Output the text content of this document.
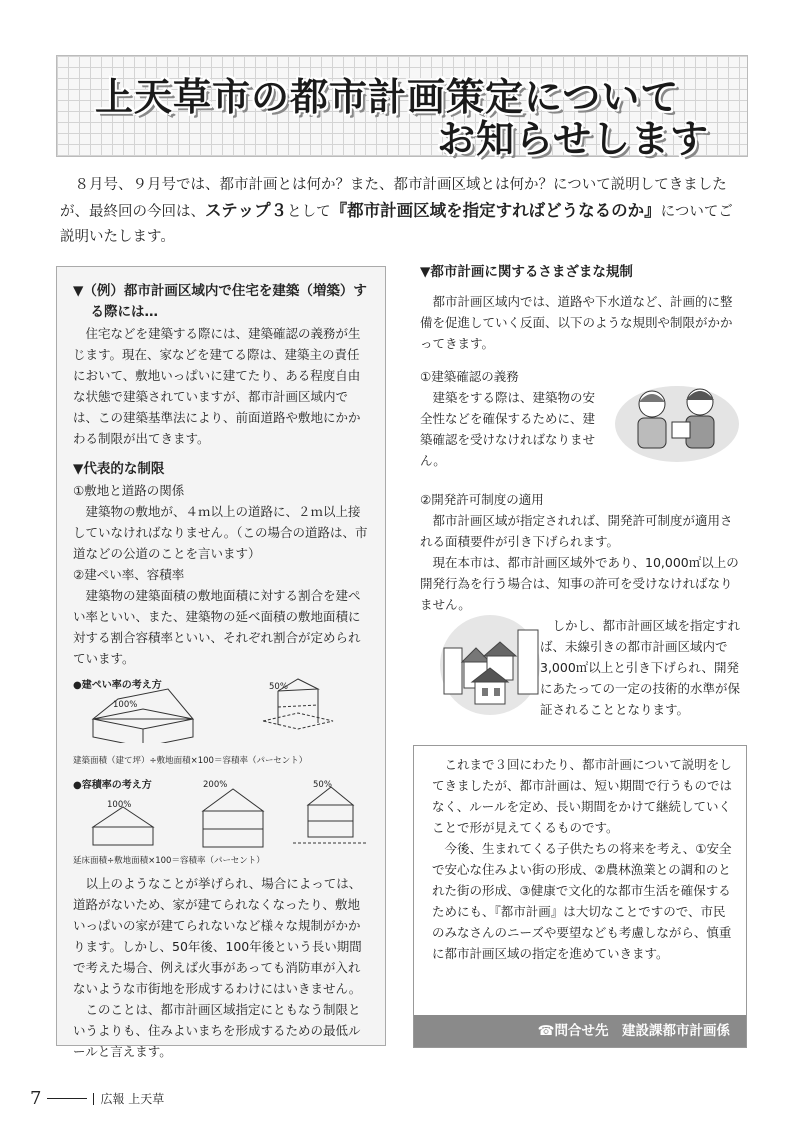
上天草市の都市計画策定について
お知らせします

８月号、９月号では、都市計画とは何か？また、都市計画区域とは何か？について説明してきましたが、最終回の今回は、ステップ３として『都市計画区域を指定すればどうなるのか』についてご説明いたします。

▼（例）都市計画区域内で住宅を建築（増築）する際には…

住宅などを建築する際には、建築確認の義務が生じます。現在、家などを建てる際は、建築主の責任において、敷地いっぱいに建てたり、ある程度自由な状態で建築されていますが、都市計画区域内では、この建築基準法により、前面道路や敷地にかかわる制限が出てきます。

▼代表的な制限

①敷地と道路の関係

建築物の敷地が、４ｍ以上の道路に、２ｍ以上接していなければなりません。（この場合の道路は、市道などの公道のことを言います）

②建ぺい率、容積率

建築物の建築面積の敷地面積に対する割合を建ぺい率といい、また、建築物の延べ面積の敷地面積に対する割合容積率といい、それぞれ割合が定められています。

●建ぺい率の考え方
100%
50%

建築面積（建て坪）÷敷地面積×100＝容積率（パーセント）

●容積率の考え方
100%
200%	50%

延床面積÷敷地面積×100＝容積率（パーセント）

以上のようなことが挙げられ、場合によっては、道路がないため、家が建てられなくなったり、敷地いっぱいの家が建てられないなど様々な規制がかかります。しかし、50年後、100年後という長い期間で考えた場合、例えば火事があっても消防車が入れないような市街地を形成するわけにはいきません。

このことは、都市計画区域指定にともなう制限というよりも、住みよいまちを形成するための最低ルールと言えます。

▼都市計画に関するさまざまな規制

都市計画区域内では、道路や下水道など、計画的に整備を促進していく反面、以下のような規則や制限がかかってきます。

①建築確認の義務

建築をする際は、建築物の安全性などを確保するために、建築確認を受けなければなりません。

②開発許可制度の適用

都市計画区域が指定されれば、開発許可制度が適用される面積要件が引き下げられます。

現在本市は、都市計画区域外であり、10,000㎡以上の開発行為を行う場合は、知事の許可を受けなければなりません。

しかし、都市計画区域を指定すれば、未線引きの都市計画区域内で3,000㎡以上と引き下げられ、開発にあたっての一定の技術的水準が保証されることとなります。

これまで３回にわたり、都市計画について説明をしてきましたが、都市計画は、短い期間で行うものではなく、ルールを定め、長い期間をかけて継続していくことで形が見えてくるものです。

今後、生まれてくる子供たちの将来を考え、①安全で安心な住みよい街の形成、②農林漁業との調和のとれた街の形成、③健康で文化的な都市生活を確保するためにも、『都市計画』は大切なことですので、市民のみなさんのニーズや要望なども考慮しながら、慎重に都市計画区域の指定を進めていきます。

☎問合せ先　建設課都市計画係
7	広報 上天草
